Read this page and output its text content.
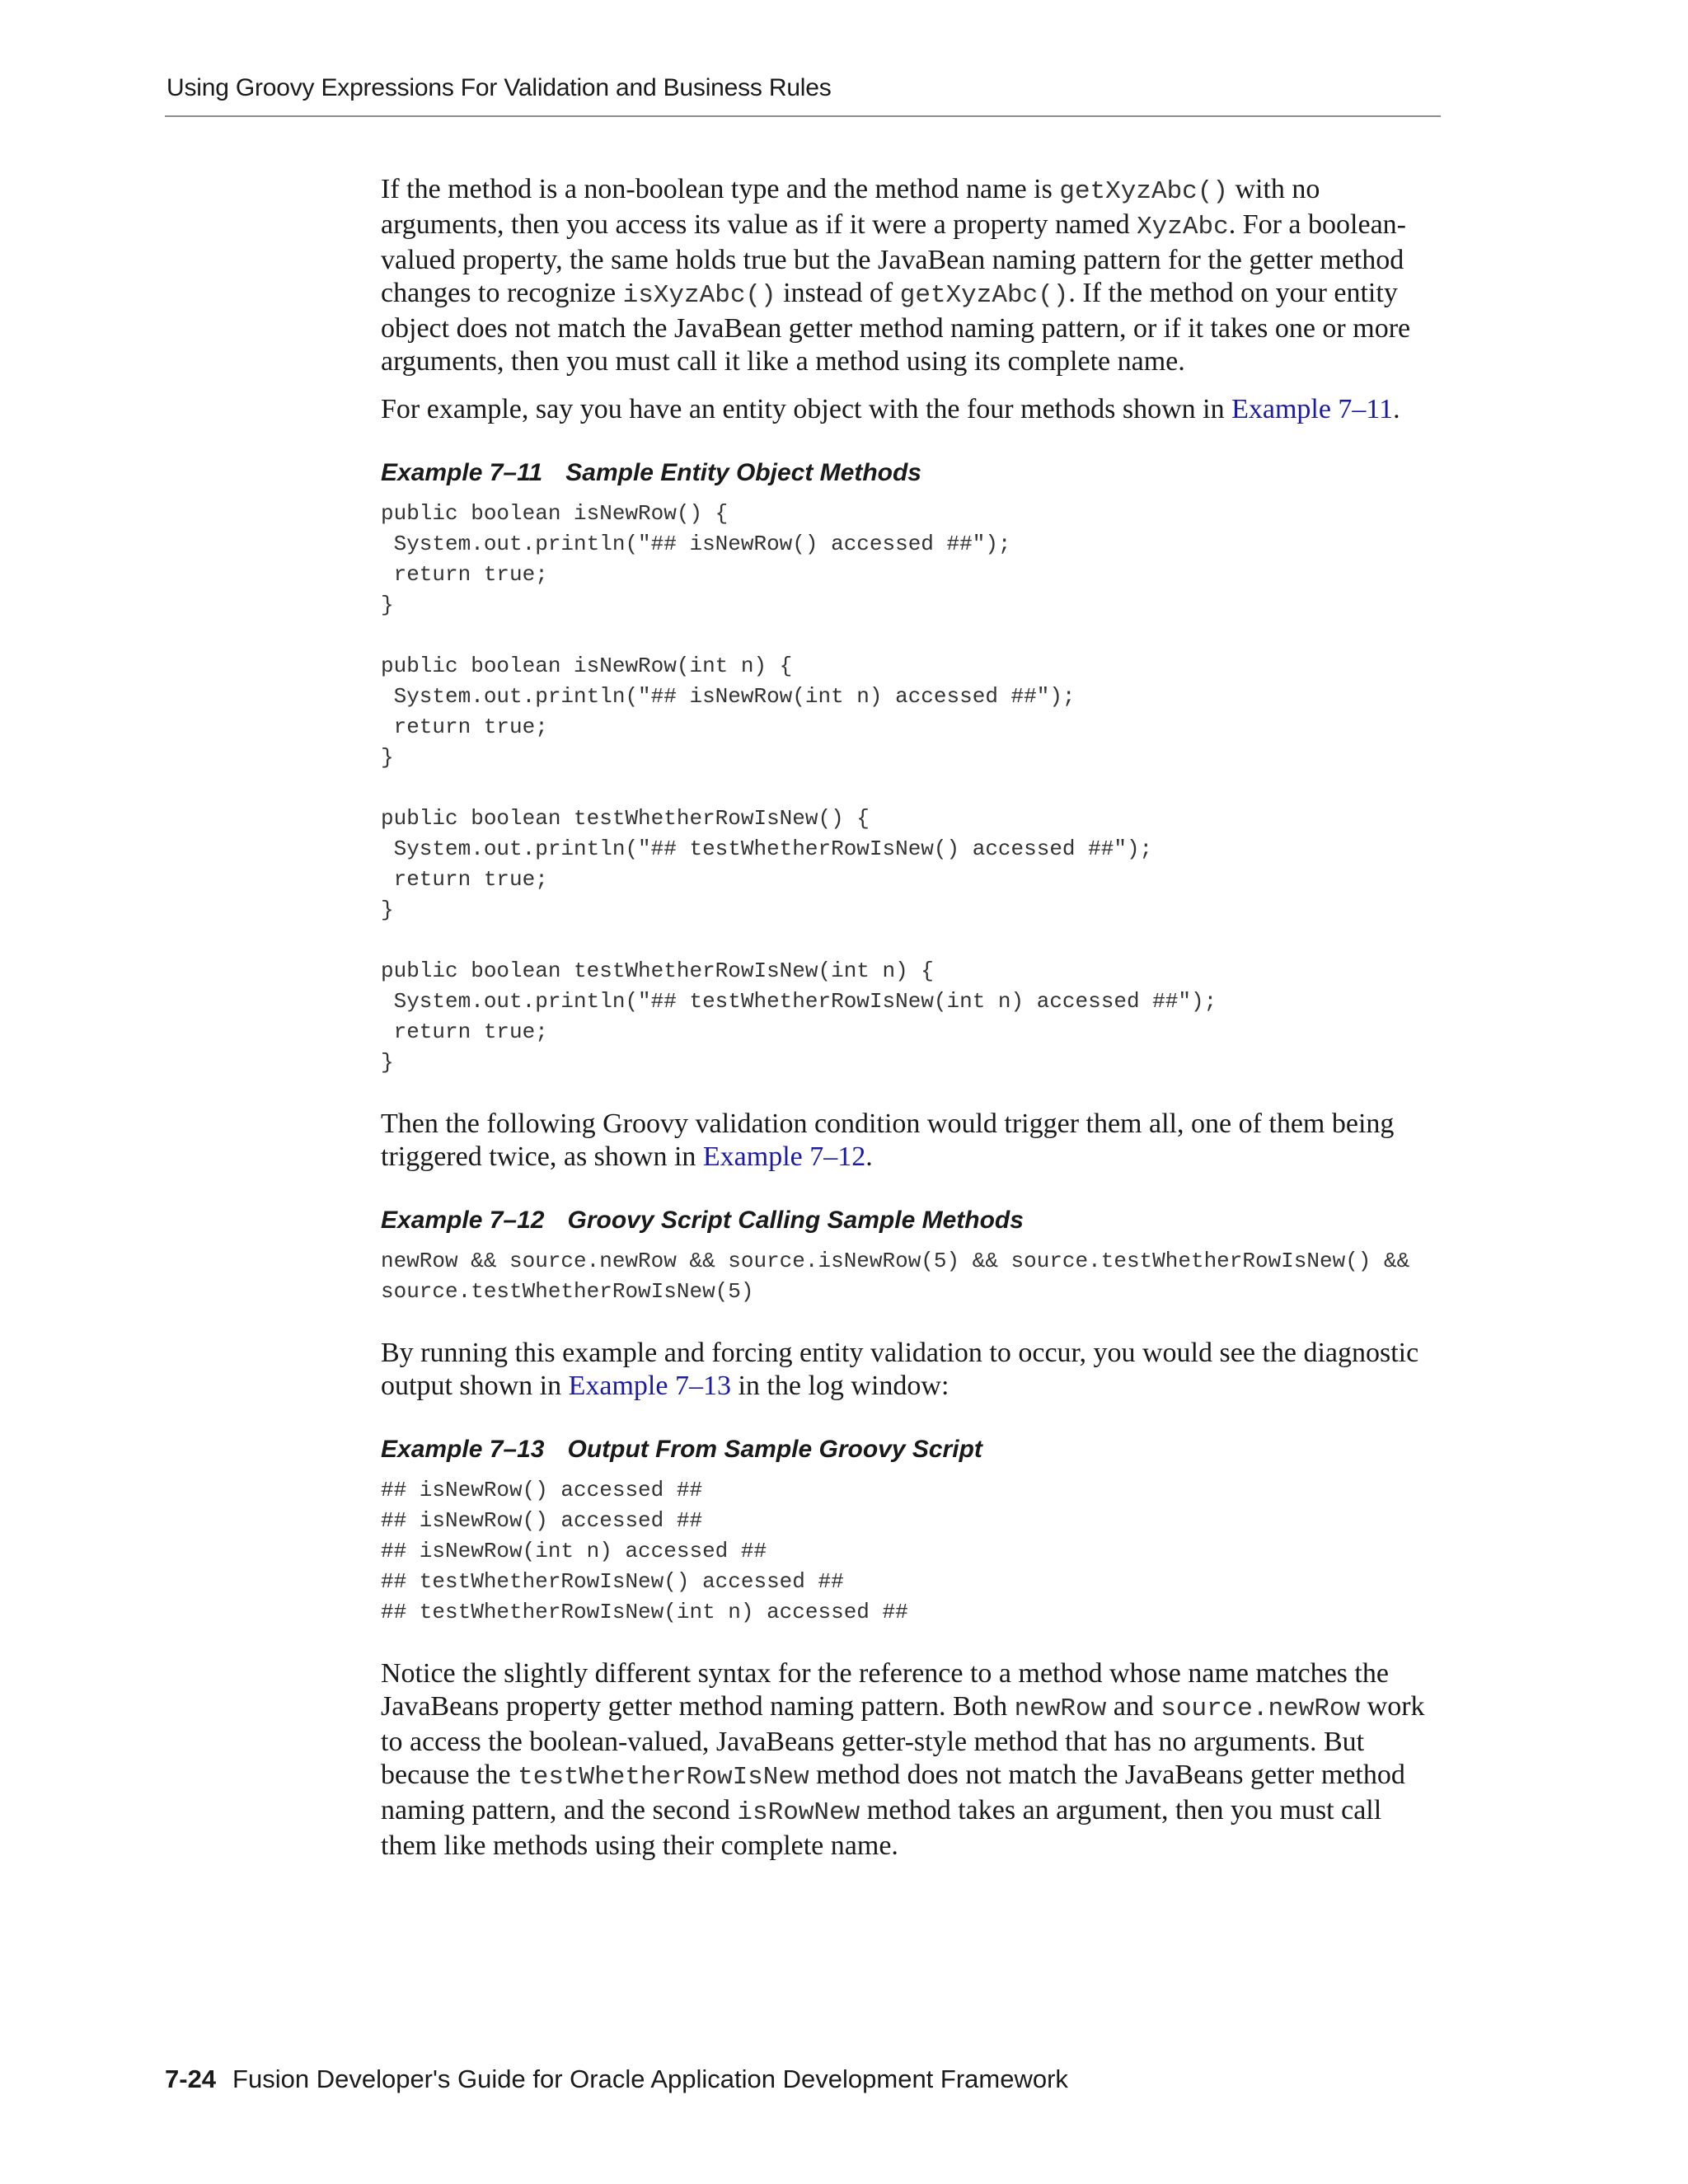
Using Groovy Expressions For Validation and Business Rules

If the method is a non-boolean type and the method name is getXyzAbc() with no arguments, then you access its value as if it were a property named XyzAbc. For a boolean-valued property, the same holds true but the JavaBean naming pattern for the getter method changes to recognize isXyzAbc() instead of getXyzAbc(). If the method on your entity object does not match the JavaBean getter method naming pattern, or if it takes one or more arguments, then you must call it like a method using its complete name.

For example, say you have an entity object with the four methods shown in Example 7–11.

Example 7–11 Sample Entity Object Methods
public boolean isNewRow() {
System.out.println("## isNewRow() accessed ##");
return true;
}

public boolean isNewRow(int n) {
System.out.println("## isNewRow(int n) accessed ##");
return true;
}

public boolean testWhetherRowIsNew() {
System.out.println("## testWhetherRowIsNew() accessed ##");
return true;
}

public boolean testWhetherRowIsNew(int n) {
System.out.println("## testWhetherRowIsNew(int n) accessed ##");
return true;
}

Then the following Groovy validation condition would trigger them all, one of them being triggered twice, as shown in Example 7–12.

Example 7–12 Groovy Script Calling Sample Methods
newRow && source.newRow && source.isNewRow(5) && source.testWhetherRowIsNew() &&
source.testWhetherRowIsNew(5)

By running this example and forcing entity validation to occur, you would see the diagnostic output shown in Example 7–13 in the log window:

Example 7–13 Output From Sample Groovy Script
## isNewRow() accessed ##
## isNewRow() accessed ##
## isNewRow(int n) accessed ##
## testWhetherRowIsNew() accessed ##
## testWhetherRowIsNew(int n) accessed ##

Notice the slightly different syntax for the reference to a method whose name matches the JavaBeans property getter method naming pattern. Both newRow and source.newRow work to access the boolean-valued, JavaBeans getter-style method that has no arguments. But because the testWhetherRowIsNew method does not match the JavaBeans getter method naming pattern, and the second isRowNew method takes an argument, then you must call them like methods using their complete name.

7-24 Fusion Developer's Guide for Oracle Application Development Framework
